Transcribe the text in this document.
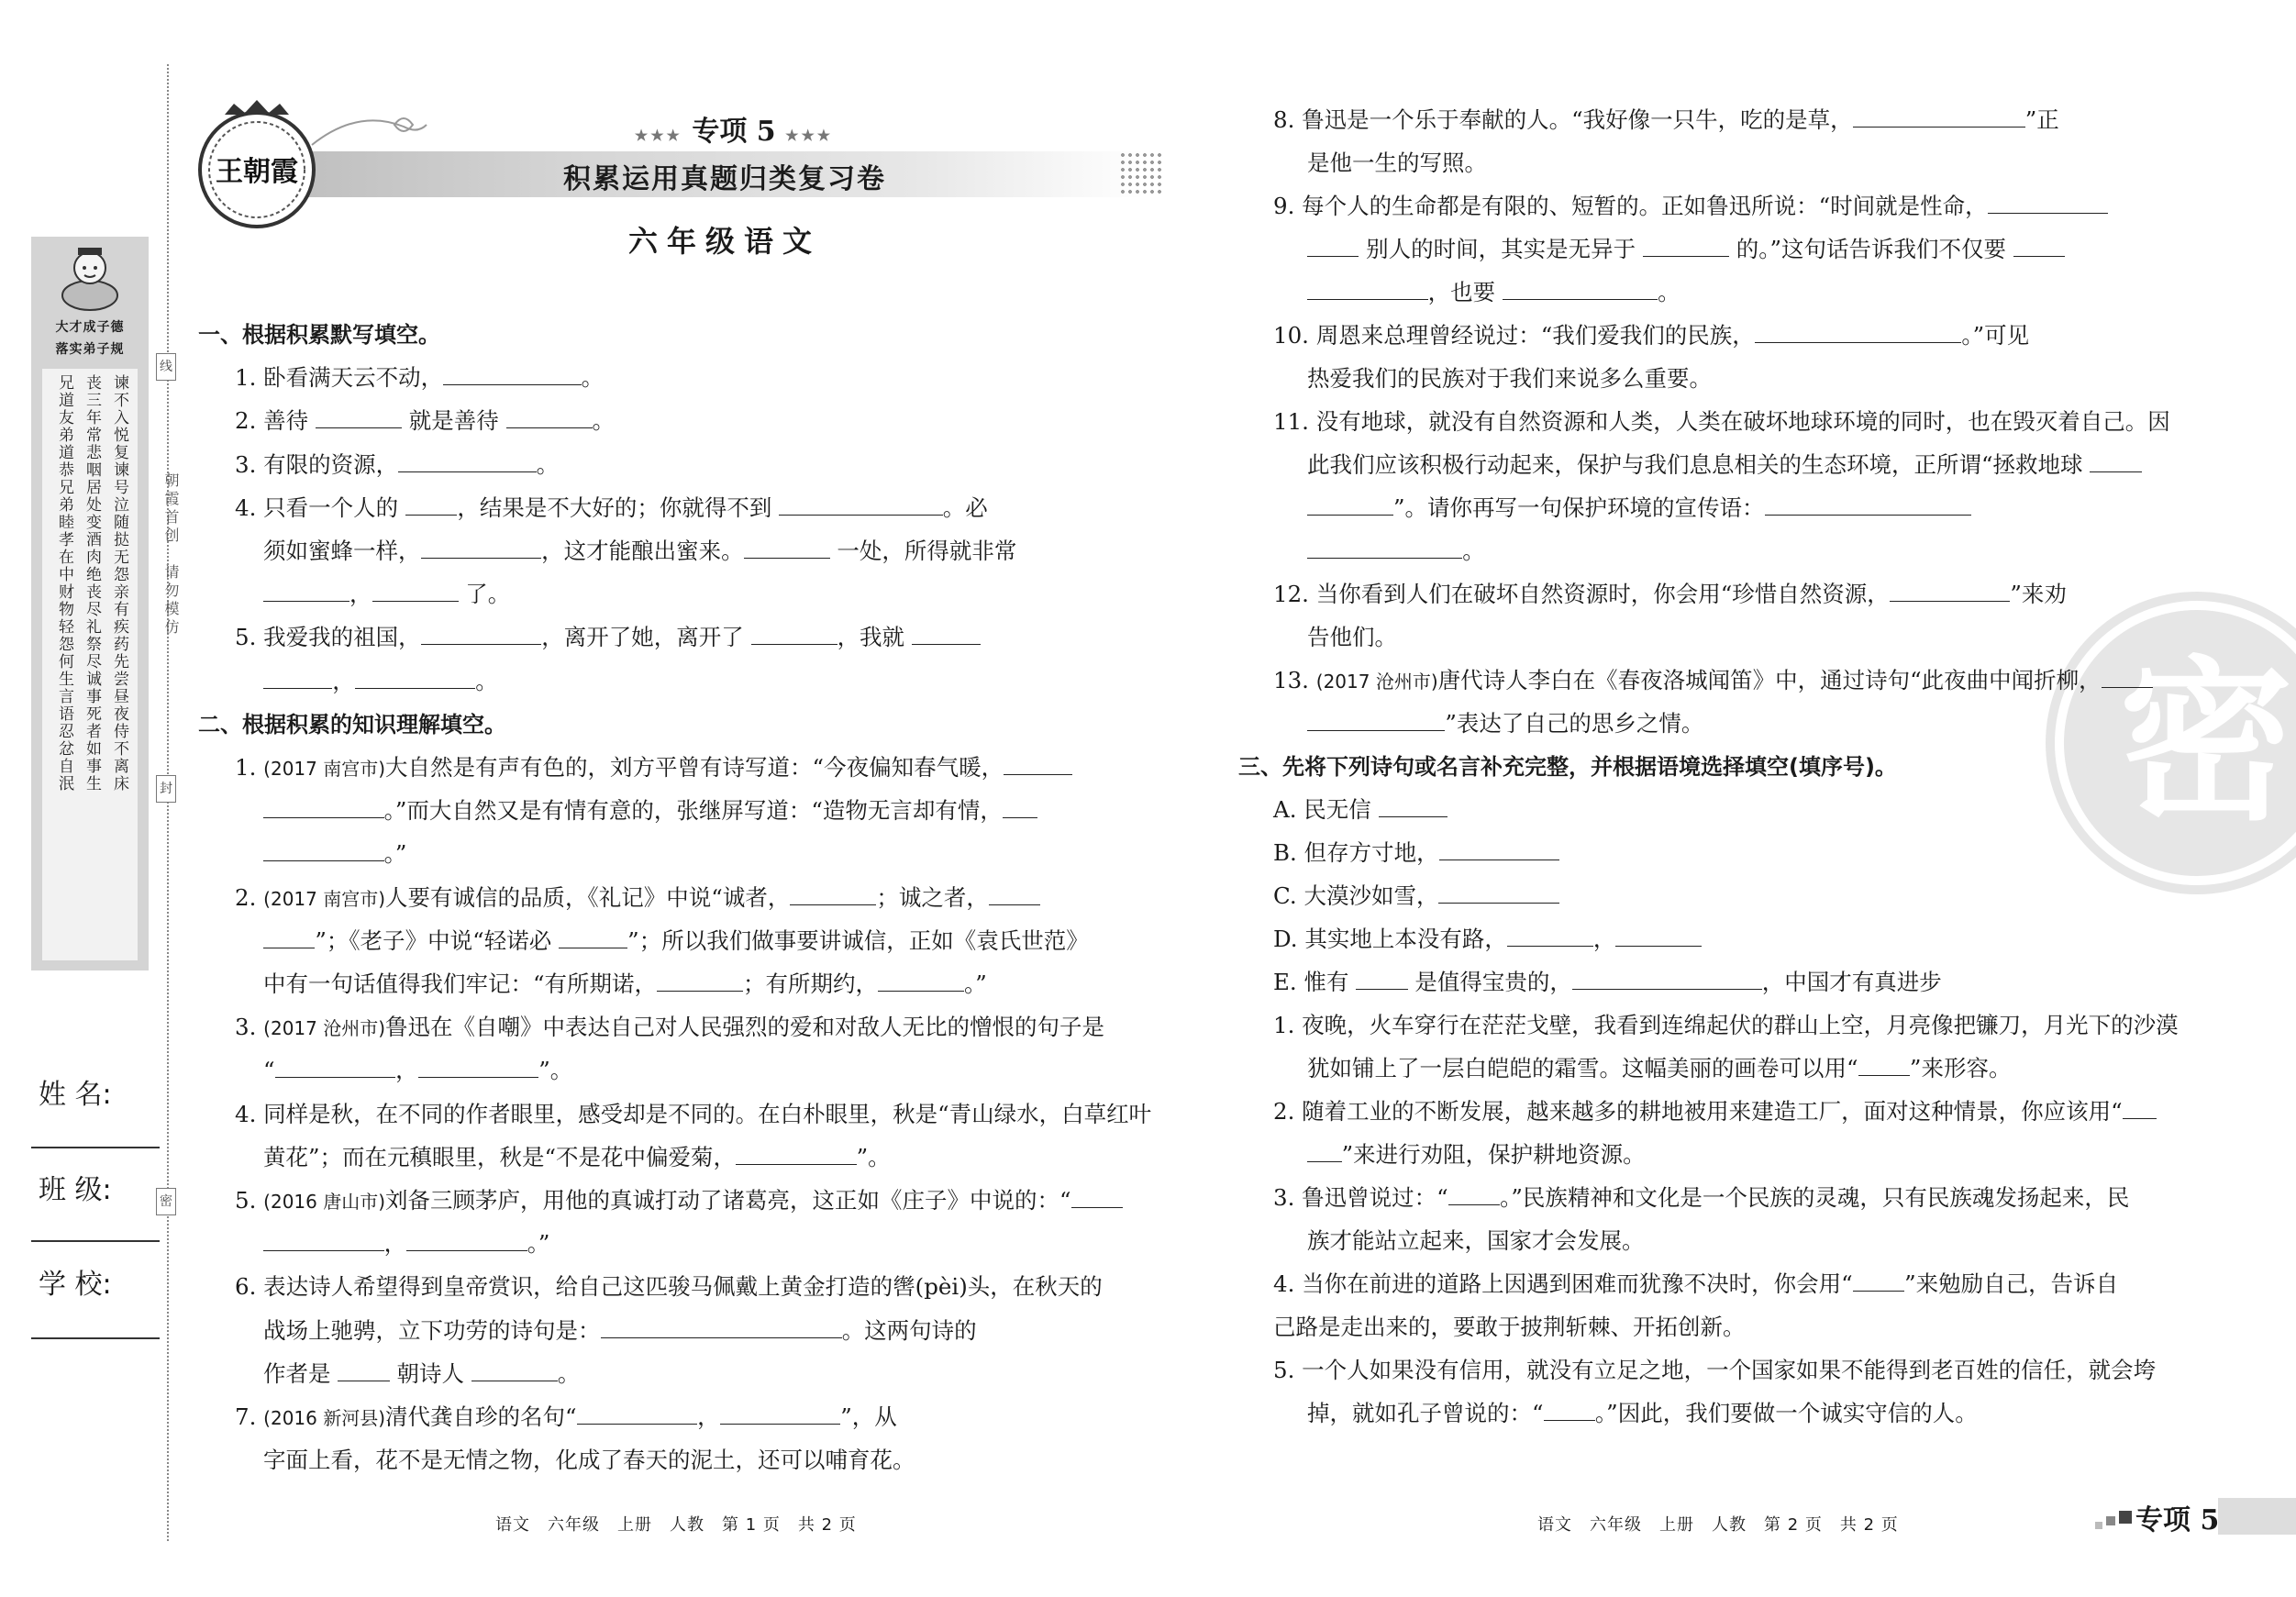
密
线
封
密
朝霞首创
请勿模仿
大才成子德
落实弟子规
兄道友弟道恭兄弟睦孝在中财物轻怨何生言语忍忿自泯 丧三年常悲咽居处变酒肉绝丧尽礼祭尽诚事死者如事生 谏不入悦复谏号泣随挞无怨亲有疾药先尝昼夜侍不离床
姓 名:
班 级:
学 校:
王朝霞
★★★ 专项 5 ★★★
积累运用真题归类复习卷
六年级语文
一、根据积累默写填空。
1. 卧看满天云不动，	。
2. 善待	就是善待	。
3. 有限的资源，	。
4. 只看一个人的 ，结果是不大好的；你就得不到	。必
须如蜜蜂一样，	，这才能酿出蜜来。	一处，所得就非常
，	了。
5. 我爱我的祖国，	，离开了她，离开了	，我就
，	。
二、根据积累的知识理解填空。
1. (2017 南宫市)大自然是有声有色的，刘方平曾有诗写道：“今夜偏知春气暖，
。”而大自然又是有情有意的，张继屏写道：“造物无言却有情，
。”
2. (2017 南宫市)人要有诚信的品质，《礼记》中说“诚者，	；诚之者，
”；《老子》中说“轻诺必	”；所以我们做事要讲诚信，正如《袁氏世范》
中有一句话值得我们牢记：“有所期诺，	；有所期约，	。”
3. (2017 沧州市)鲁迅在《自嘲》中表达自己对人民强烈的爱和对敌人无比的憎恨的句子是
“	，	”。
4. 同样是秋，在不同的作者眼里，感受却是不同的。在白朴眼里，秋是“青山绿水，白草红叶
黄花”；而在元稹眼里，秋是“不是花中偏爱菊，	”。
5. (2016 唐山市)刘备三顾茅庐，用他的真诚打动了诸葛亮，这正如《庄子》中说的：“
，	。”
6. 表达诗人希望得到皇帝赏识，给自己这匹骏马佩戴上黄金打造的辔(pèi)头，在秋天的
战场上驰骋，立下功劳的诗句是：	。这两句诗的
作者是  朝诗人	。
7. (2016 新河县)清代龚自珍的名句“	，	”，从
字面上看，花不是无情之物，化成了春天的泥土，还可以哺育花。
8. 鲁迅是一个乐于奉献的人。“我好像一只牛，吃的是草，	”正
是他一生的写照。
9. 每个人的生命都是有限的、短暂的。正如鲁迅所说：“时间就是性命，
别人的时间，其实是无异于	的。”这句话告诉我们不仅要
，也要	。
10. 周恩来总理曾经说过：“我们爱我们的民族，	。”可见
热爱我们的民族对于我们来说多么重要。
11. 没有地球，就没有自然资源和人类，人类在破坏地球环境的同时，也在毁灭着自己。因
此我们应该积极行动起来，保护与我们息息相关的生态环境，正所谓“拯救地球
”。请你再写一句保护环境的宣传语：
。
12. 当你看到人们在破坏自然资源时，你会用“珍惜自然资源，	”来劝
告他们。
13. (2017 沧州市)唐代诗人李白在《春夜洛城闻笛》中，通过诗句“此夜曲中闻折柳，
”表达了自己的思乡之情。
三、先将下列诗句或名言补充完整，并根据语境选择填空(填序号)。
A. 民无信
B. 但存方寸地，
C. 大漠沙如雪，
D. 其实地上本没有路，	，
E. 惟有  是值得宝贵的，	，中国才有真进步
1. 夜晚，火车穿行在茫茫戈壁，我看到连绵起伏的群山上空，月亮像把镰刀，月光下的沙漠
犹如铺上了一层白皑皑的霜雪。这幅美丽的画卷可以用“ ”来形容。
2. 随着工业的不断发展，越来越多的耕地被用来建造工厂，面对这种情景，你应该用“
”来进行劝阻，保护耕地资源。
3. 鲁迅曾说过：“ 。”民族精神和文化是一个民族的灵魂，只有民族魂发扬起来，民
族才能站立起来，国家才会发展。
4. 当你在前进的道路上因遇到困难而犹豫不决时，你会用“ ”来勉励自己，告诉自
己路是走出来的，要敢于披荆斩棘、开拓创新。
5. 一个人如果没有信用，就没有立足之地，一个国家如果不能得到老百姓的信任，就会垮
掉，就如孔子曾说的：“ 。”因此，我们要做一个诚实守信的人。
语文　六年级　上册　人教　第 1 页　共 2 页	语文　六年级　上册　人教　第 2 页　共 2 页	专项 5
